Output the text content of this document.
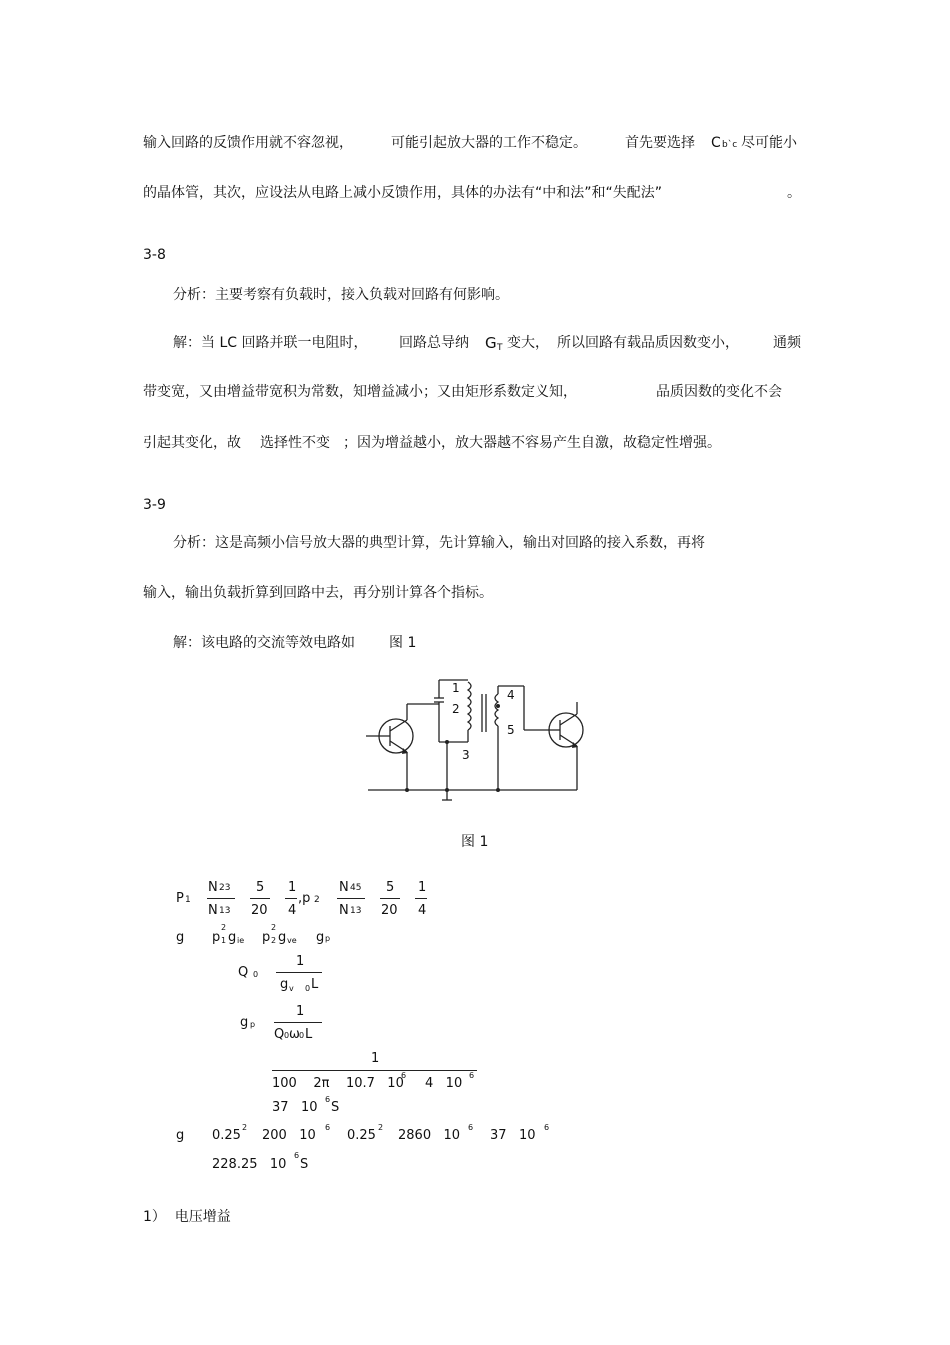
输入回路的反馈作用就不容忽视，	可能引起放大器的工作不稳定。	首先要选择 C b`c 尽可能小
的晶体管，其次，应设法从电路上减小反馈作用，具体的办法有“中和法”和“失配法”	。
3-8
分析：主要考察有负载时，接入负载对回路有何影响。
解：当 LC 回路并联一电阻时， 回路总导纳 G T 变大， 所以回路有载品质因数变小， 通频
带变宽，又由增益带宽积为常数，知增益减小；又由矩形系数定义知，	品质因数的变化不会
引起其变化，故 选择性不变 ；因为增益越小，放大器越不容易产生自激，故稳定性增强。
3-9
分析：这是高频小信号放大器的典型计算，先计算输入，输出对回路的接入系数，再将
输入，输出负载折算到回路中去，再分别计算各个指标。
解：该电路的交流等效电路如 图 1
1
2
3
4
5
图 1
P 1
N 23
N 13
5
20
1
4
,p 2
N 45
N 13
5
20
1
4
g p
2
1 g ie p
2
2 g ve g p
Q 0
1
g v 0 L
g p
1
Q 0 ω 0 L
1
100    2π    10.7   10
6
4   10
6
37   10
6
S
g 0.25
2
200   10
6
0.25
2
2860   10
6
37   10
6
228.25   10
6
S
1）  电压增益
